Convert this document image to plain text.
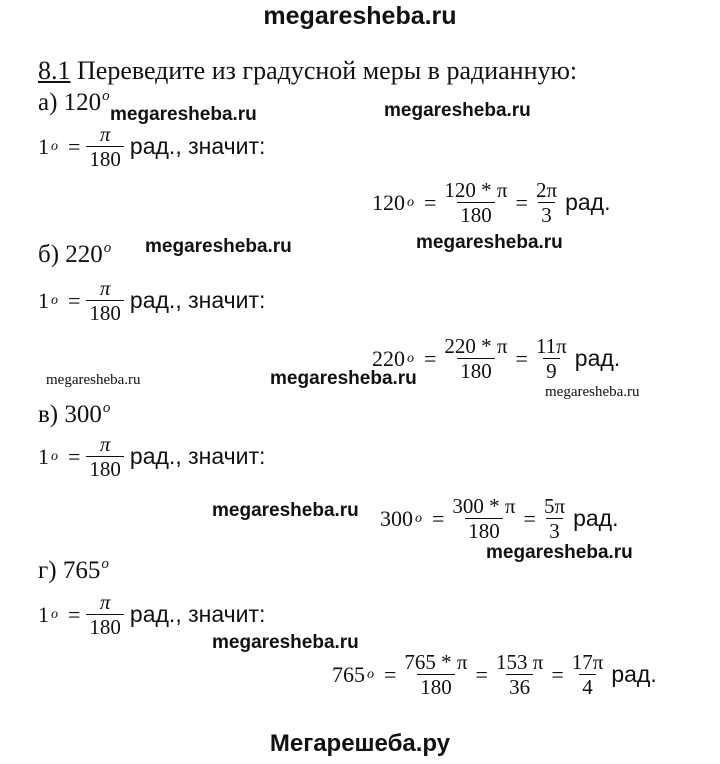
megaresheba.ru
8.1 Переведите из градусной меры в радианную:
а) 120$^o$
1 $o = \frac{\pi}{180}$ рад., значит:
120 $o = \frac{120 * \pi}{180} = \frac{2\pi}{3}$ рад.
б) 220$^o$
1 $o = \frac{\pi}{180}$ рад., значит:
220 $o = \frac{220 * \pi}{180} = \frac{11\pi}{9}$ рад.
в) 300$^o$
1 $o = \frac{\pi}{180}$ рад., значит:
300 $o = \frac{300 * \pi}{180} = \frac{5\pi}{3}$ рад.
г) 765$^o$
1 $o = \frac{\pi}{180}$ рад., значит:
765 $o = \frac{765 * \pi}{180} = \frac{153 \pi}{36} = \frac{17\pi}{4}$ рад.
megaresheba.ru	megaresheba.ru
megaresheba.ru	megaresheba.ru
megaresheba.ru	megaresheba.ru
megaresheba.ru
megaresheba.ru
megaresheba.ru
megaresheba.ru
Мегарешеба.ру
